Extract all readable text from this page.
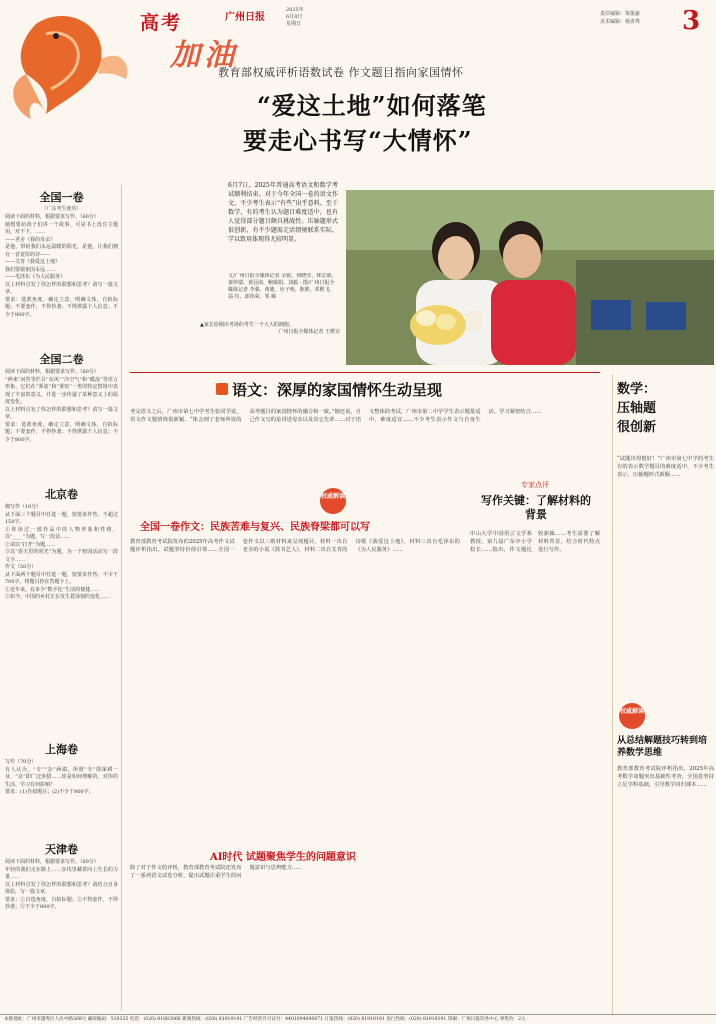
高考
加油
广州日报
2025年
6月8日
星期日
责任编辑：梁俊豪
美术编辑：杨讲秀 3
教育部权威评析语数试卷 作文题目指向家国情怀
“爱这土地”如何落笔
要走心书写“大情怀”
6月7日，2025年普通高考语文和数学考试顺利结束。对于今年全国一卷的语文作文，不少考生表示“有些”出乎意料。至于数学，有的考生认为题目难度适中，也有人觉得部分题目颇具挑战性。压轴题形式很创新，有不少题需走活情境联系实际，学以致用体现得尤较明显。
文/广州日报全媒体记者 余锐、何晓莹、林宏康、秦珍瑞、黄冠南、鲍敏娟、刘毅 · 图/广州日报全媒体记者 李强、黄婕、应子明、陈胜、邓熙飞、翁·仪、邱伟荣、邹 嵘
▲家长给刚出考场的考生一个大大的拥抱。
广州日报全媒体记者 王维宣
全国一卷
（广东考生使用）
阅读下面的材料，根据要求写作。（60分）
她想要给孩子们讲一个故事，可是书上没有主题用，对不下，……
——老舍《我的母亲》
是他，带给我们永远温暖的阳光，是他，让我们拥有一首宽厚的诗——
——艾青《我爱这土地》
我们要使祖国永远……
——毛泽东《为人民服务》
以上材料引发了你怎样的联想和思考？请写一篇文章。
要求：选准角度，确定立意，明确文体，自拟标题；不要套作，不得抄袭；不得泄露个人信息；不少于800字。
全国二卷
阅读下面的材料，根据要求写作。（60分）
“神来”问答等栏目“东风”“冷空气”和“暖流”等语言形象，它们在“雾浓”和“雾密”一类的特定情境中表现了丰富的意义，并进一步传递了某种意义上的温度变化。
以上材料引发了你怎样的联想和思考？请写一篇文章。
要求：选准角度，确定立意，明确文体，自拟标题；不要套作，不得抄袭；不得泄露个人信息；不少于800字。
北京卷
微写作（10分）
从下面三个题目中任选一题，按要求作答。不超过150字。
①你读过一部作品中的人物形象和性格，以“____”为题，写一段话……
②请以“打开”为题……
③以“春天里的时光”为题，为一个校园活动写一段文字……
作文（50分）
从下面两个题目中任选一题，按要求作答。不少于700字。将题目抄在答题卡上。
①近年来，有多少“数字化”生活的便捷……
②如今，中国的乡村正在发生着深刻的变化……
上海卷
写作（70分）
有人认为，“专”“杂”两端，所谓“专”即深耕一业，“杂”即广泛涉猎……你是如何理解的，对你的生活、学习有何影响？
要求：(1)自拟题目；(2)不少于800字。
天津卷
阅读下面的材料，根据要求写作。（60分）
年轻的我们走在路上……步伐里藏着向上生长的力量……
以上材料引发了你怎样的联想和思考？请结合自身体验，写一篇文章。
要求：①自选角度，自拟标题；②不得套作，不得抄袭；③不少于800字。
语文：深厚的家国情怀生动呈现
考完语文之后，广州市第七中学考生张同学说，语文作文题情境很新颖，“体会到了老师所说的高考题目的家国情怀的融合和一致。”她还说，自己作文写的是讲述母亲以及其它先辈……对于语文整体的考试，广州市第二中学学生表示题量适中，难度适宜……不少考生表示作文与自身生活、学习紧密结合……
权威解读
全国一卷作文：民族苦难与复兴、民族脊梁都可以写
教育部教育考试院发布的2025年高考作文试题评析指出，试题坚持价值引领……全国一卷作文以三则材料来呈现题目，材料一出自老舍的小说《鼓书艺人》，材料二出自艾青的诗歌《我爱这土地》，材料三出自毛泽东的《为人民服务》……
专家点评
写作关键：了解材料的背景
中山大学中国语言文学系教授、第九届广东中小学校长……指出，作文题比较新颖……考生需要了解材料背景，结合时代特点进行写作。
AI时代 试题聚焦学生的问题意识
除了对于作文的评析，教育部教育考试院还发布了一系列语文试卷分析，提出试题注重学生的问题意识与思辨能力……
数学：
压轴题
很创新
“试题出得挺好！”广州市第七中学的考生有的表示数学题目的难度适中，不少考生表示，压轴题形式新颖……
权威解读
从总结解题技巧转到培养数学思维
教育部教育考试院评析指出，2025年高考数学命题突出基础性考查，全国卷坚持立足学科基础，引导教学回归课本……
本版地址：广州市越秀区人民中路368号 邮政编码：510335 电话：(020) 81883066 新闻热线：(020) 81919191 广告经营许可证号：4401004000071 订报热线：(020) 81919191 发行热线：(020) 81919191 印刷：广州日报印务中心 零售价：2元
